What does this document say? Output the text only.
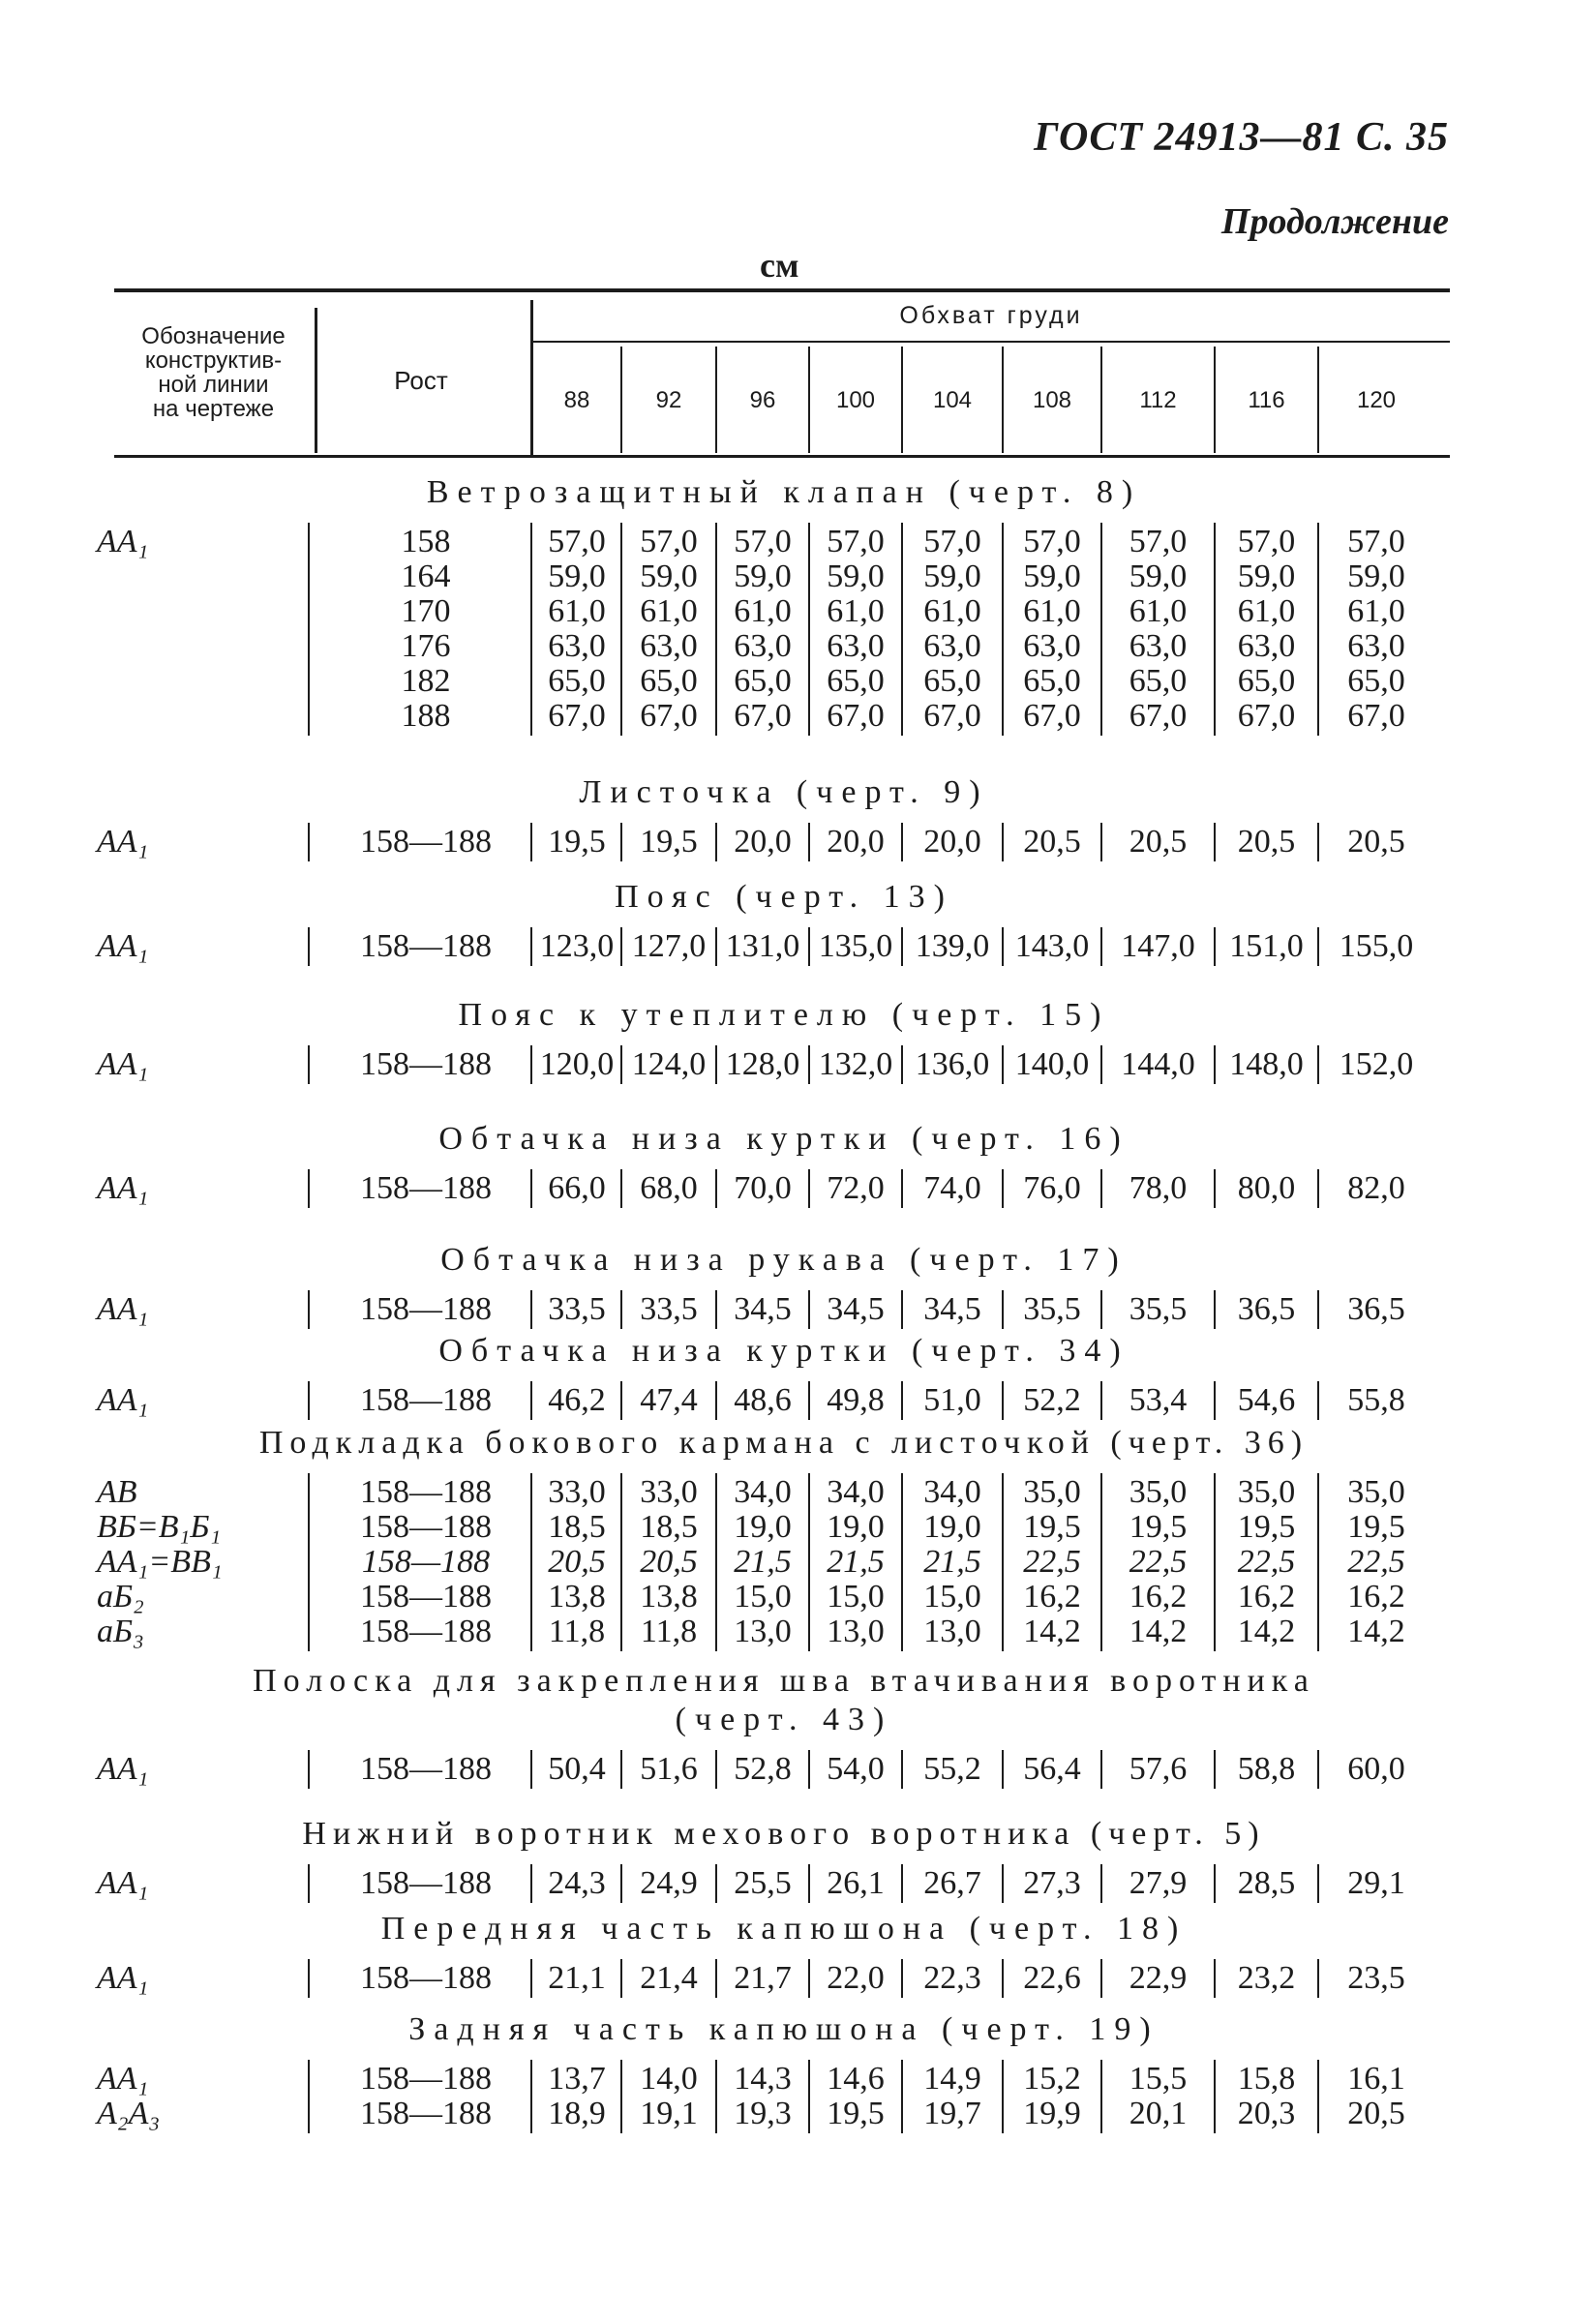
ГОСТ 24913—81 С. 35
Продолжение
см
Обозначение
конструктив-
ной линии
на чертеже
Рост
Обхват груди
88	92	96	100	104	108	112	116	120
Ветрозащитный клапан (черт. 8)
AA₁	158	57,0	57,0	57,0	57,0	57,0	57,0	57,0	57,0	57,0
164	59,0	59,0	59,0	59,0	59,0	59,0	59,0	59,0	59,0
170	61,0	61,0	61,0	61,0	61,0	61,0	61,0	61,0	61,0
176	63,0	63,0	63,0	63,0	63,0	63,0	63,0	63,0	63,0
182	65,0	65,0	65,0	65,0	65,0	65,0	65,0	65,0	65,0
188	67,0	67,0	67,0	67,0	67,0	67,0	67,0	67,0	67,0
Листочка (черт. 9)
AA₁	158—188	19,5	19,5	20,0	20,0	20,0	20,5	20,5	20,5	20,5
Пояс (черт. 13)
AA₁	158—188	123,0 127,0 131,0 135,0 139,0 143,0 147,0	151,0	155,0
Пояс к утеплителю (черт. 15)
AA₁	158—188	120,0 124,0 128,0 132,0 136,0 140,0 144,0	148,0	152,0
Обтачка низа куртки (черт. 16)
AA₁	158—188	66,0	68,0	70,0	72,0	74,0	76,0	78,0	80,0	82,0
Обтачка низа рукава (черт. 17)
AA₁	158—188	33,5	33,5	34,5	34,5	34,5	35,5	35,5	36,5	36,5
Обтачка низа куртки (черт. 34)
AA₁	158—188	46,2	47,4	48,6	49,8	51,0	52,2	53,4	54,6	55,8
Подкладка бокового кармана с листочкой (черт. 36)
AB	158—188	33,0	33,0	34,0	34,0	34,0	35,0	35,0	35,0	35,0
BБ=B₁Б₁	158—188	18,5	18,5	19,0	19,0	19,0	19,5	19,5	19,5	19,5
AA₁=BB₁	158—188	20,5	20,5	21,5	21,5	21,5	22,5	22,5	22,5	22,5
aБ₂	158—188	13,8	13,8	15,0	15,0	15,0	16,2	16,2	16,2	16,2
aБ₃	158—188	11,8	11,8	13,0	13,0	13,0	14,2	14,2	14,2	14,2
Полоска для закрепления шва втачивания воротника
(черт. 43)
AA₁	158—188	50,4	51,6	52,8	54,0	55,2	56,4	57,6	58,8	60,0
Нижний воротник мехового воротника (черт. 5)
AA₁	158—188	24,3	24,9	25,5	26,1	26,7	27,3	27,9	28,5	29,1
Передняя часть капюшона (черт. 18)
AA₁	158—188	21,1	21,4	21,7	22,0	22,3	22,6	22,9	23,2	23,5
Задняя часть капюшона (черт. 19)
AA₁	158—188	13,7	14,0	14,3	14,6	14,9	15,2	15,5	15,8	16,1
A₂A₃	158—188	18,9	19,1	19,3	19,5	19,7	19,9	20,1	20,3	20,5
